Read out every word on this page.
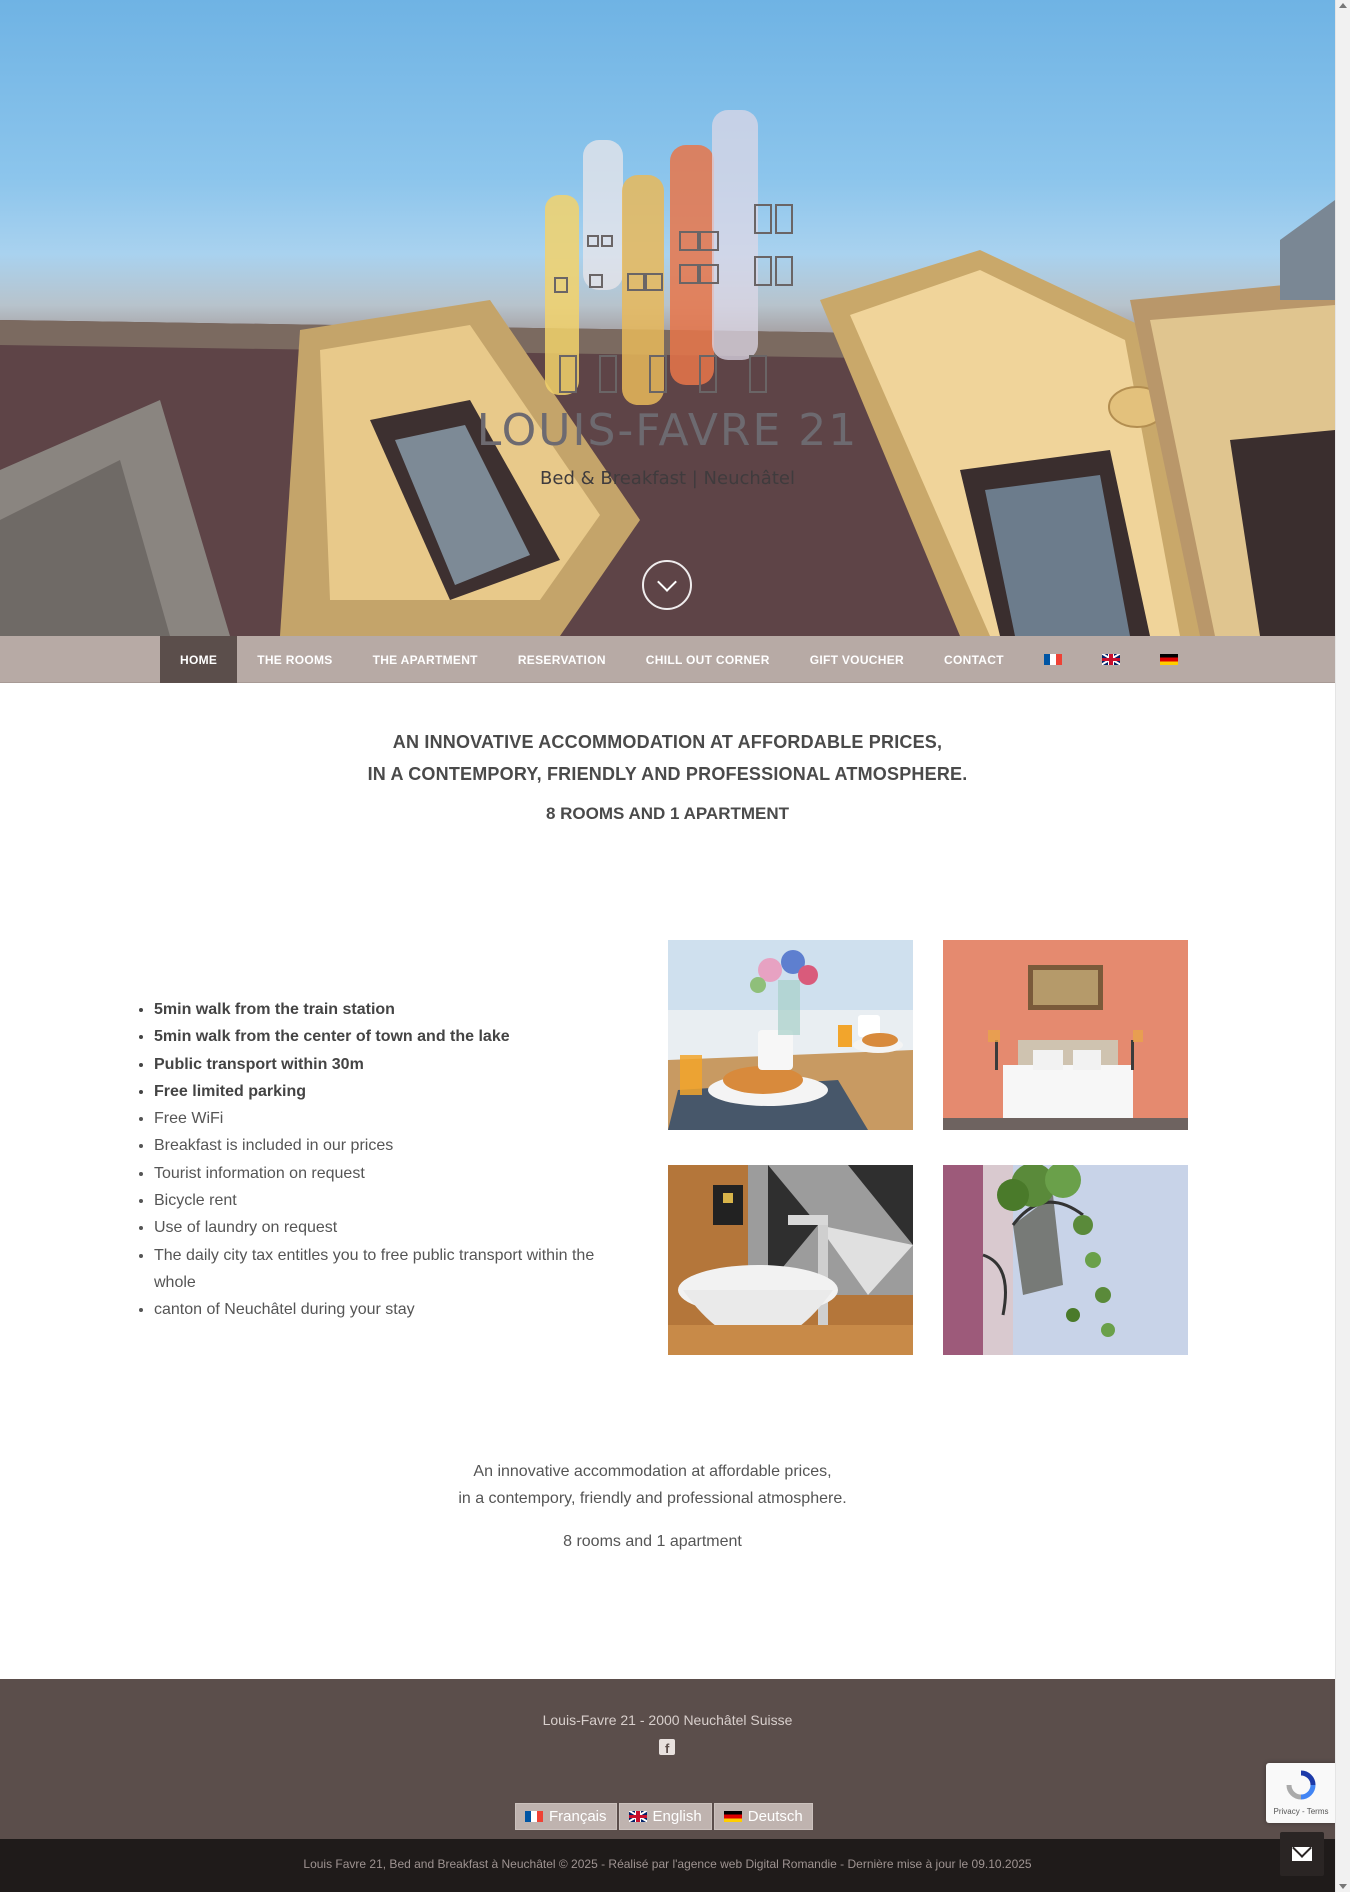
LOUIS-FAVRE 21
Bed & Breakfast | Neuchâtel
HOME	THE ROOMS	THE APARTMENT	RESERVATION	CHILL OUT CORNER	GIFT VOUCHER	CONTACT
AN INNOVATIVE ACCOMMODATION AT AFFORDABLE PRICES,
IN A CONTEMPORY, FRIENDLY AND PROFESSIONAL ATMOSPHERE.
8 ROOMS AND 1 APARTMENT
• 5min walk from the train station
• 5min walk from the center of town and the lake
• Public transport within 30m
• Free limited parking
• Free WiFi
• Breakfast is included in our prices
• Tourist information on request
• Bicycle rent
• Use of laundry on request
• The daily city tax entitles you to free public transport within the whole
• canton of Neuchâtel during your stay
An innovative accommodation at affordable prices,
in a contempory, friendly and professional atmosphere.
8 rooms and 1 apartment
Louis-Favre 21 - 2000 Neuchâtel Suisse
f
Français	English	Deutsch
Louis Favre 21, Bed and Breakfast à Neuchâtel © 2025 - Réalisé par l'agence web Digital Romandie - Dernière mise à jour le 09.10.2025
Privacy - Terms
